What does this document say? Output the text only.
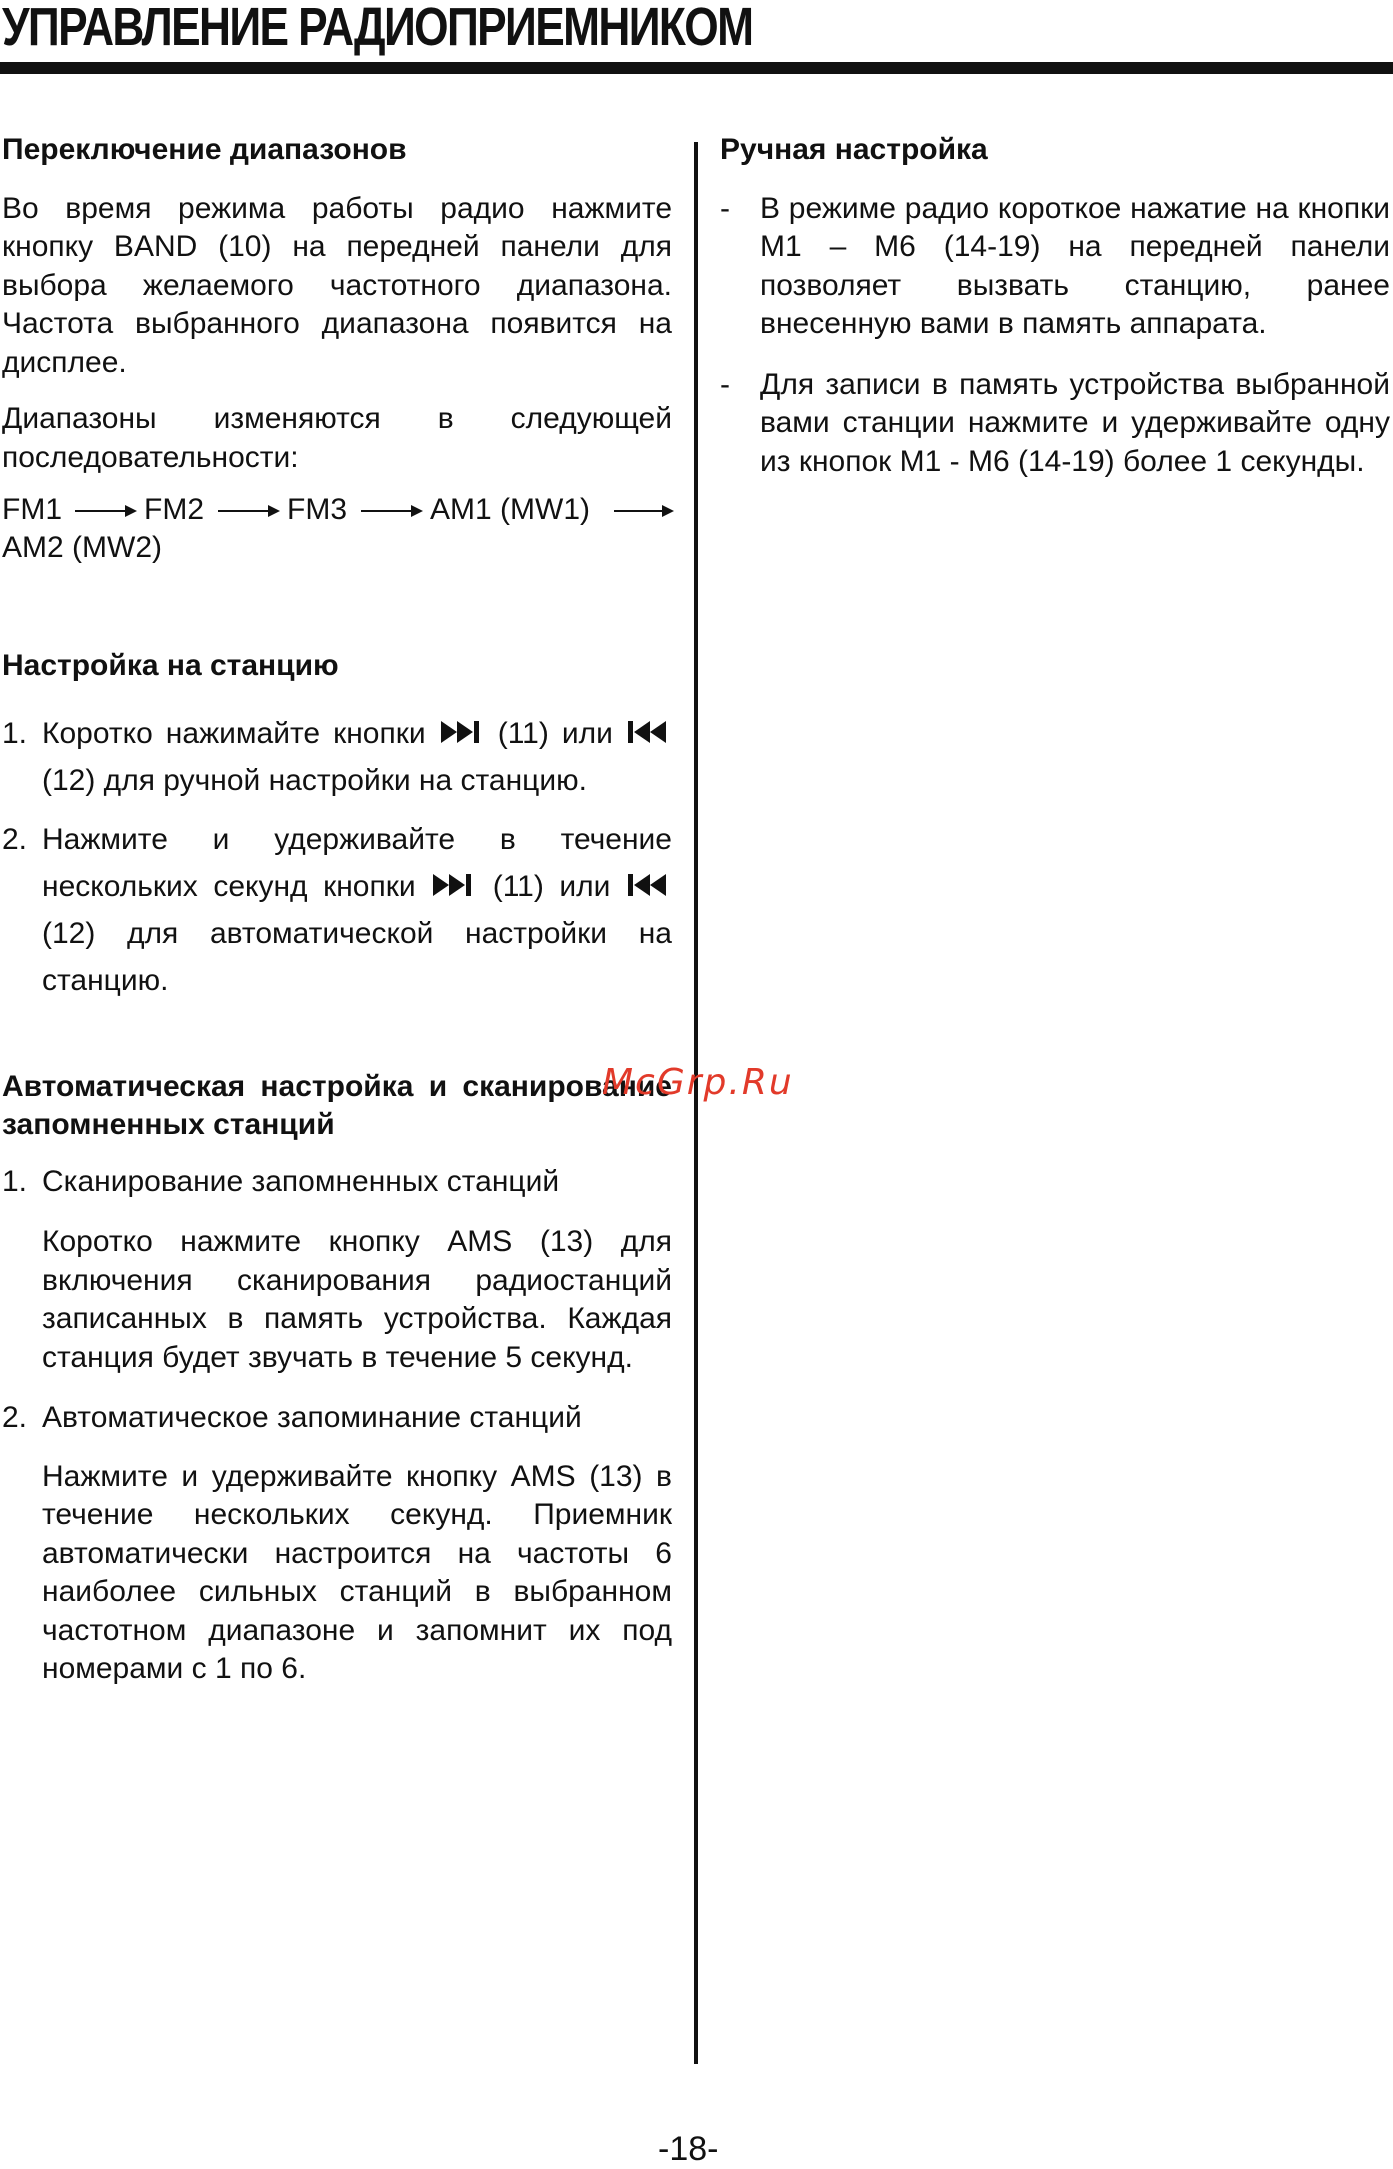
УПРАВЛЕНИЕ РАДИОПРИЕМНИКОМ
Переключение диапазонов

Во время режима работы радио нажмите кнопку BAND (10) на передней панели для выбора желаемого частотного диапазона. Частота выбранного диапазона появится на дисплее.

Диапазоны изменяются в следующей последовательности:

FM1	FM2	FM3	AM1 (MW1)
AM2 (MW2)
Настройка на станцию
1. Коротко нажимайте кнопки (11) или  (12) для ручной настройки на станцию.
2. Нажмите и удерживайте в течение нескольких секунд кнопки	(11) или  (12) для автоматической настройки на станцию.
Автоматическая настройка и сканирование запомненных станций
1. Сканирование запомненных станций
Коротко нажмите кнопку AMS (13) для включения сканирования радиостанций записанных в память устройства. Каждая станция будет звучать в течение 5 секунд.
2. Автоматическое запоминание станций
Нажмите и удерживайте кнопку AMS (13) в течение нескольких секунд. Приемник автоматически настроится на частоты 6 наиболее сильных станций в выбранном частотном диапазоне и запомнит их под номерами с 1 по 6.
Ручная настройка
- В режиме радио короткое нажатие на кнопки М1 – М6 (14-19) на передней панели позволяет вызвать станцию, ранее внесенную вами в память аппарата.
- Для записи в память устройства выбранной вами станции нажмите и удерживайте одну из кнопок М1 - М6 (14-19) более 1 секунды.
McGrp.Ru
-18-
